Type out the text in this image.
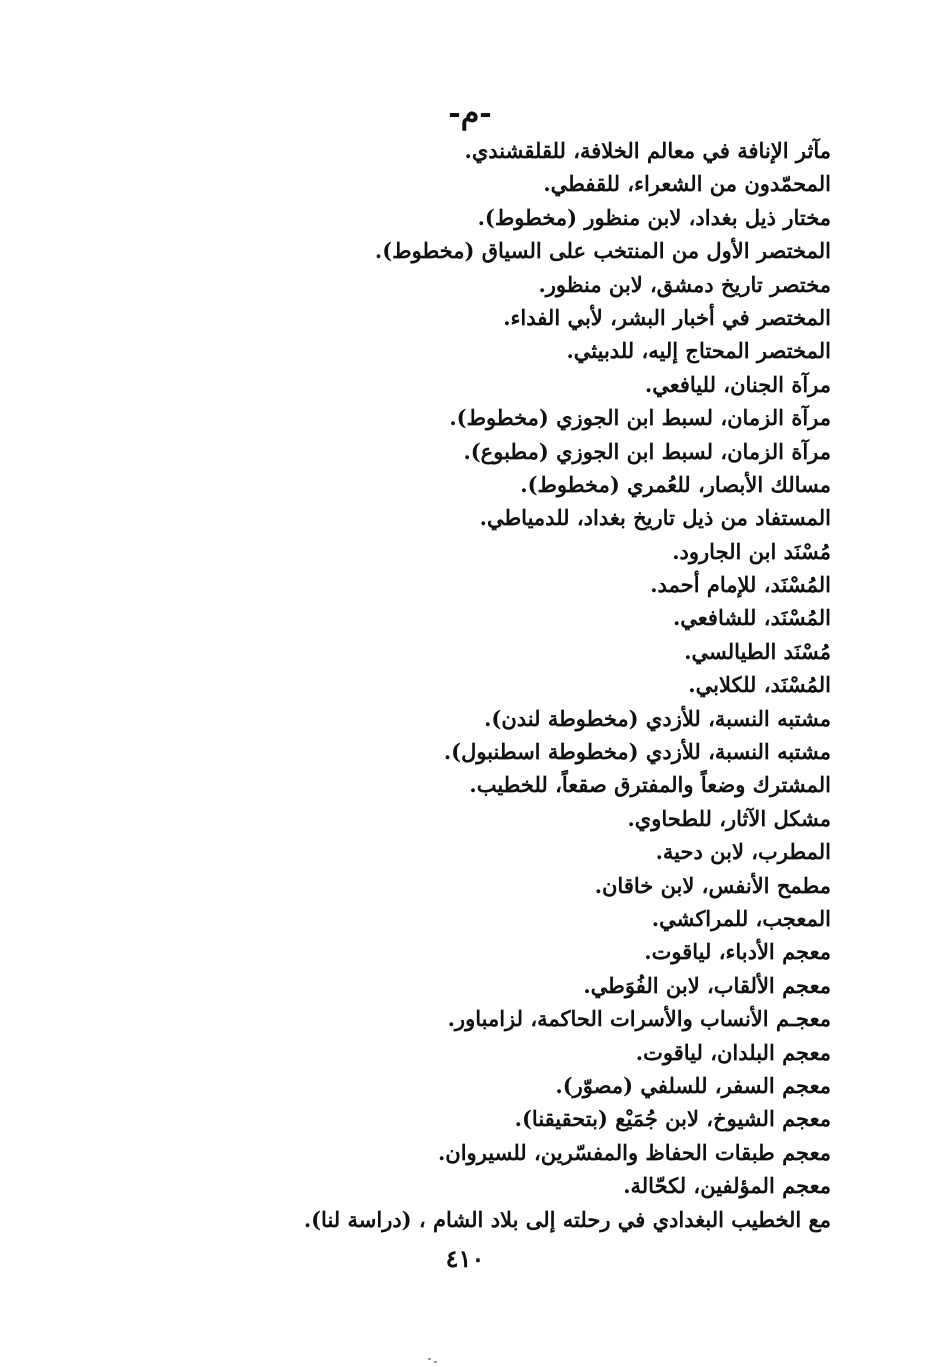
-م-
مآثر الإنافة في معالم الخلافة، للقلقشندي.
المحمّدون من الشعراء، للقفطي.
مختار ذيل بغداد، لابن منظور (مخطوط).
المختصر الأول من المنتخب على السياق (مخطوط).
مختصر تاريخ دمشق، لابن منظور.
المختصر في أخبار البشر، لأبي الفداء.
المختصر المحتاج إليه، للدبيثي.
مرآة الجنان، لليافعي.
مرآة الزمان، لسبط ابن الجوزي (مخطوط).
مرآة الزمان، لسبط ابن الجوزي (مطبوع).
مسالك الأبصار، للعُمري (مخطوط).
المستفاد من ذيل تاريخ بغداد، للدمياطي.
مُسْنَد ابن الجارود.
المُسْنَد، للإمام أحمد.
المُسْنَد، للشافعي.
مُسْنَد الطيالسي.
المُسْنَد، للكلابي.
مشتبه النسبة، للأزدي (مخطوطة لندن).
مشتبه النسبة، للأزدي (مخطوطة اسطنبول).
المشترك وضعاً والمفترق صقعاً، للخطيب.
مشكل الآثار، للطحاوي.
المطرب، لابن دحية.
مطمح الأنفس، لابن خاقان.
المعجب، للمراكشي.
معجم الأدباء، لياقوت.
معجم الألقاب، لابن الفُوَطي.
معجـم الأنساب والأسرات الحاكمة، لزامباور.
معجم البلدان، لياقوت.
معجم السفر، للسلفي (مصوّر).
معجم الشيوخ، لابن جُمَيْع (بتحقيقنا).
معجم طبقات الحفاظ والمفسّرين، للسيروان.
معجم المؤلفين، لكحّالة.
مع الخطيب البغدادي في رحلته إلى بلاد الشام ، (دراسة لنا).
٤١٠
